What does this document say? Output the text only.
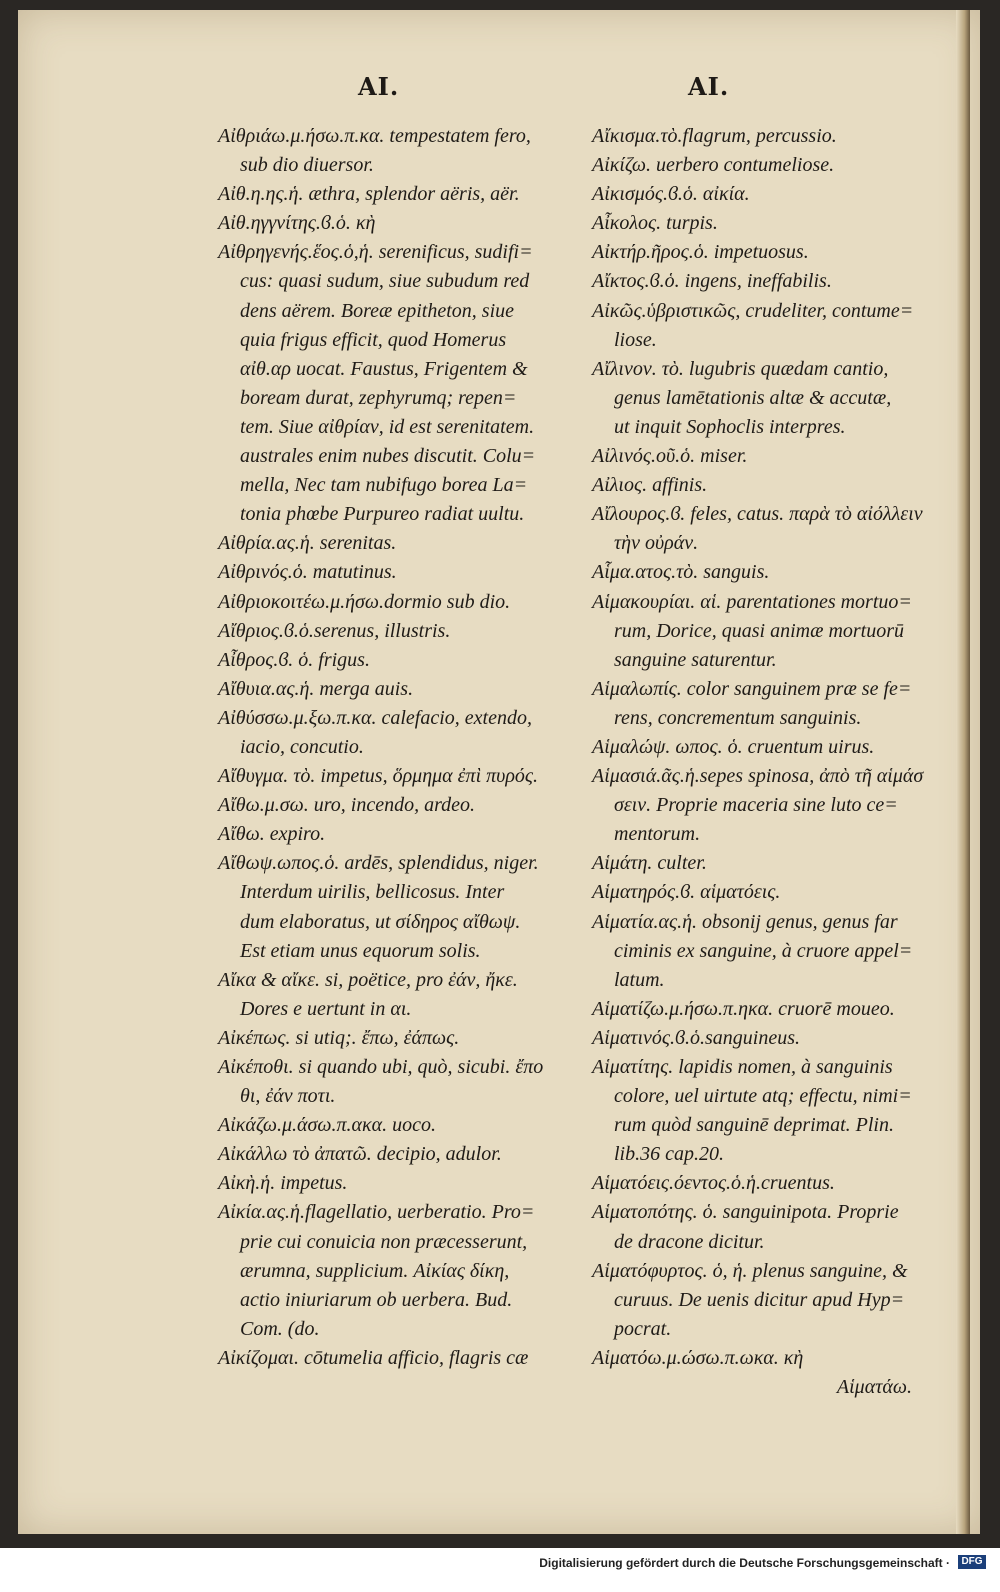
AI.	AI.
Αἰθριάω.μ.ήσω.π.κα. tempestatem fero,
sub dio diuersor.
Αἰθ.η.ης.ἡ. æthra, splendor aëris, aër.
Αἰθ.ηγγνίτης.ϐ.ὁ. κὴ
Αἰθρηγενής.ἕος.ὁ,ἡ. serenificus, sudifi=
cus: quasi sudum, siue subudum red
dens aërem. Boreæ epitheton, siue
quia frigus efficit, quod Homerus
αἰθ.αρ uocat. Faustus, Frigentem &
boream durat, zephyrumq; repen=
tem. Siue αἰθρίαν, id est serenitatem.
australes enim nubes discutit. Colu=
mella, Nec tam nubifugo borea La=
tonia phœbe Purpureo radiat uultu.
Αἰθρία.ας.ἡ. serenitas.
Αἰθρινός.ὁ. matutinus.
Αἰθριοκοιτέω.μ.ήσω.dormio sub dio.
Αἴθριος.ϐ.ὁ.serenus, illustris.
Αἶθρος.ϐ. ὁ. frigus.
Αἴθυια.ας.ἡ. merga auis.
Αἰθύσσω.μ.ξω.π.κα. calefacio, extendo,
iacio, concutio.
Αἴθυγμα. τὸ. impetus, ὅρμημα ἐπὶ πυρός.
Αἴθω.μ.σω. uro, incendo, ardeo.
Αἴθω. expiro.
Αἴθωψ.ωπος.ὁ. ardēs, splendidus, niger.
Interdum uirilis, bellicosus. Inter
dum elaboratus, ut σίδηρος αἴθωψ.
Est etiam unus equorum solis.
Αἴκα & αἴκε. si, poëtice, pro ἐάν, ἤκε.
Dores e uertunt in αι.
Αἰκέπως. si utiq;. ἔπω, ἐάπως.
Αἰκέποθι. si quando ubi, quò, sicubi. ἔπο
θι, ἐάν ποτι.
Αἰκάζω.μ.άσω.π.ακα. uoco.
Αἰκάλλω τὸ ἀπατῶ. decipio, adulor.
Αἰκὴ.ἡ. impetus.
Αἰκία.ας.ἡ.flagellatio, uerberatio. Pro=
prie cui conuicia non præcesserunt,
ærumna, supplicium. Αἰκίας δίκη,
actio iniuriarum ob uerbera. Bud.
Com. (do.
Αἰκίζομαι. cōtumelia afficio, flagris cæ
Αἴκισμα.τὸ.flagrum, percussio.
Αἰκίζω. uerbero contumeliose.
Αἰκισμός.ϐ.ὁ. αἰκία.
Αἶκολος. turpis.
Αἰκτήρ.ῆρος.ὁ. impetuosus.
Αἴκτος.ϐ.ὁ. ingens, ineffabilis.
Αἰκῶς.ὑβριστικῶς, crudeliter, contume=
liose.
Αἴλινον. τὸ. lugubris quædam cantio,
genus lamētationis altæ & accutæ,
ut inquit Sophoclis interpres.
Αἰλινός.οῦ.ὁ. miser.
Αἰλιος. affinis.
Αἴλουρος.ϐ. feles, catus. παρὰ τὸ αἰόλλειν
τὴν οὐράν.
Αἷμα.ατος.τὸ. sanguis.
Αἱμακουρίαι. αἱ. parentationes mortuo=
rum, Dorice, quasi animæ mortuorū
sanguine saturentur.
Αἱμαλωπίς. color sanguinem præ se fe=
rens, concrementum sanguinis.
Αἱμαλώψ. ωπος. ὁ. cruentum uirus.
Αἱμασιά.ᾶς.ἡ.sepes spinosa, ἀπὸ τῆ αἱμάσ
σειν. Proprie maceria sine luto ce=
mentorum.
Αἱμάτη. culter.
Αἱματηρός.ϐ. αἱματόεις.
Αἱματία.ας.ἡ. obsonij genus, genus far
ciminis ex sanguine, à cruore appel=
latum.
Αἱματίζω.μ.ήσω.π.ηκα. cruorē moueo.
Αἱματινός.ϐ.ὁ.sanguineus.
Αἱματίτης. lapidis nomen, à sanguinis
colore, uel uirtute atq; effectu, nimi=
rum quòd sanguinē deprimat. Plin.
lib.36 cap.20.
Αἱματόεις.όεντος.ὁ.ἡ.cruentus.
Αἱματοπότης. ὁ. sanguinipota. Proprie
de dracone dicitur.
Αἱματόφυρτος. ὁ, ἡ. plenus sanguine, &
curuus. De uenis dicitur apud Hyp=
pocrat.
Αἱματόω.μ.ώσω.π.ωκα. κὴ
Αἱματάω.
Digitalisierung gefördert durch die Deutsche Forschungsgemeinschaft ·	DFG
